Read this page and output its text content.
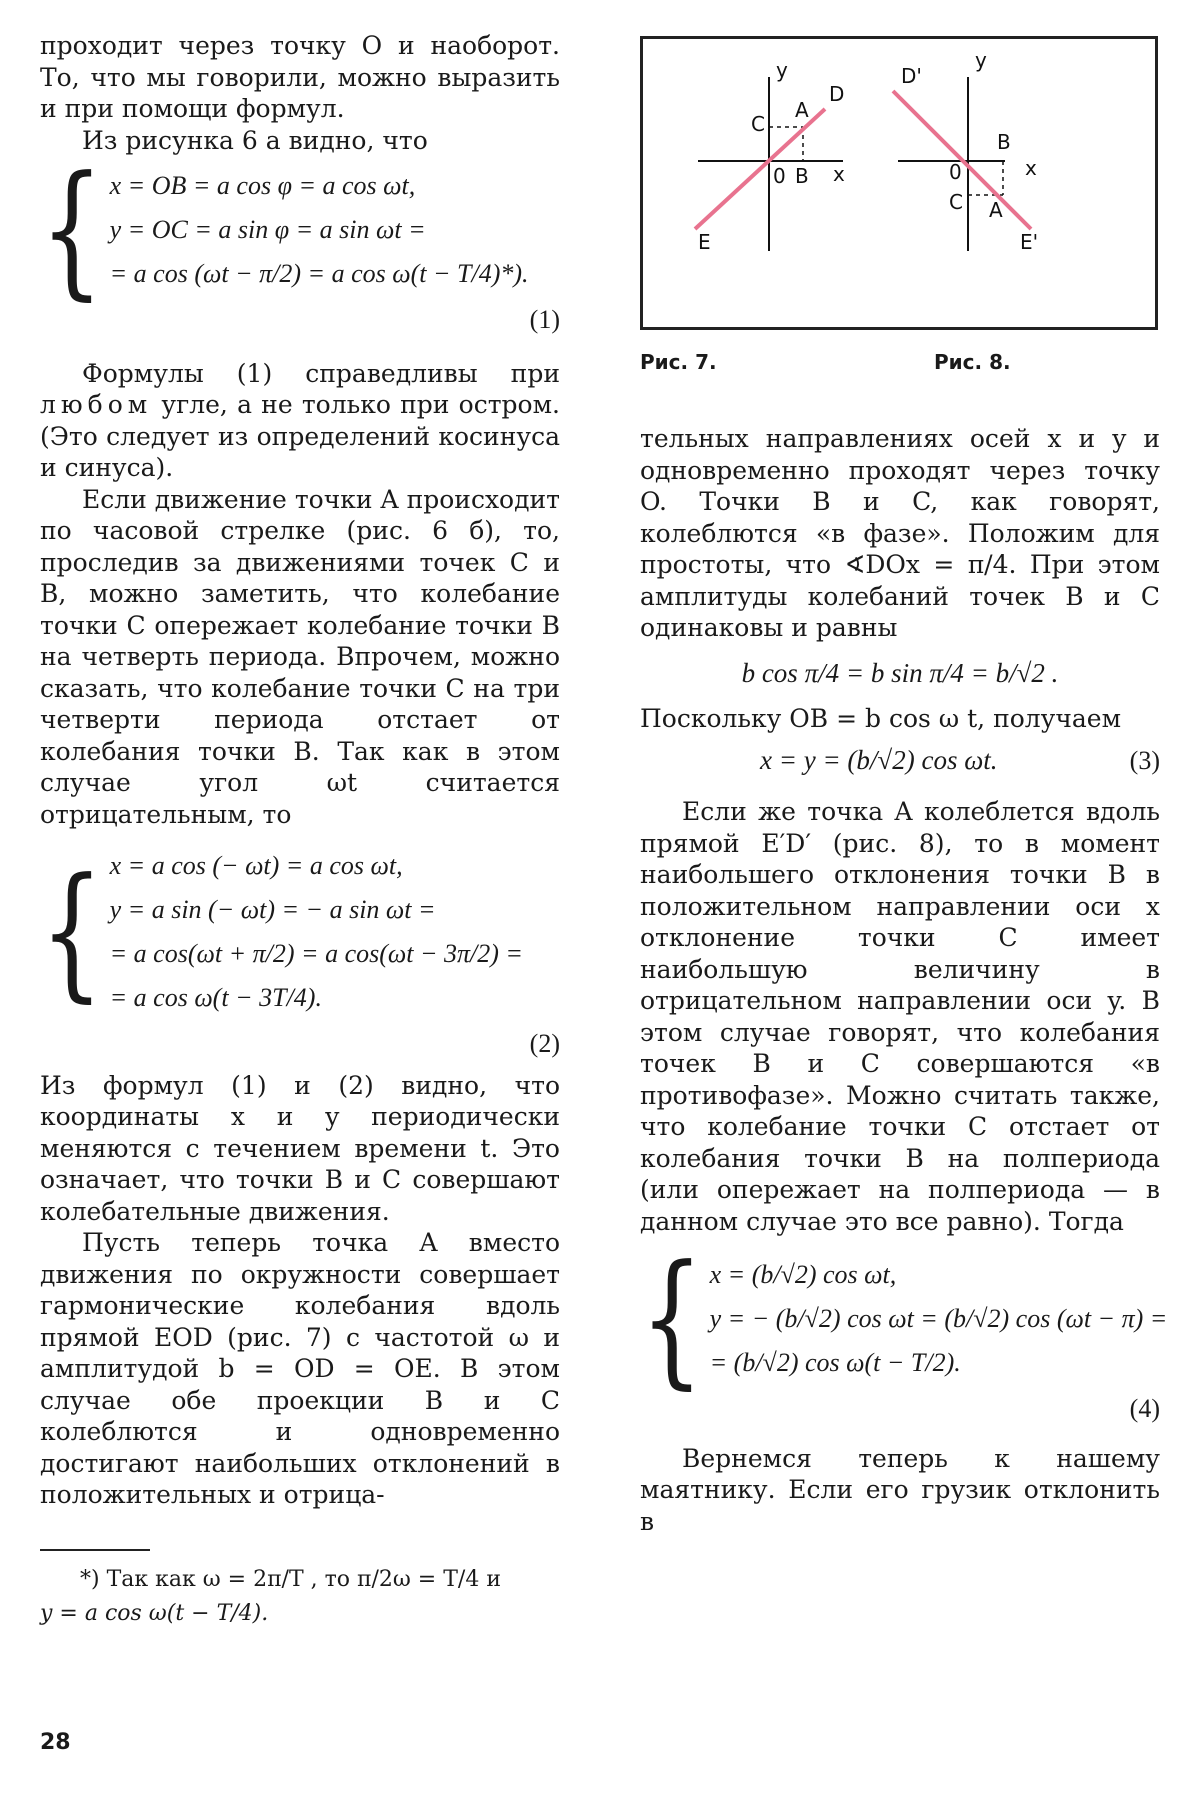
проходит через точку O и наоборот. То, что мы говорили, можно выразить и при помощи формул.

Из рисунка 6 а видно, что

{ x = OB = a cos φ = a cos ωt,
y = OC = a sin φ = a sin ωt =
= a cos (ωt − π/2) = a cos ω(t − T/4)*).
(1)

Формулы (1) справедливы при любом угле, а не только при остром. (Это следует из определений косинуса и синуса).

Если движение точки A происходит по часовой стрелке (рис. 6 б), то, проследив за движениями точек C и B, можно заметить, что колебание точки C опережает колебание точки B на четверть периода. Впрочем, можно сказать, что колебание точки C на три четверти периода отстает от колебания точки B. Так как в этом случае угол ωt считается отрицательным, то

{ x = a cos (− ωt) = a cos ωt,
y = a sin (− ωt) = − a sin ωt =
= a cos(ωt + π/2) = a cos(ωt − 3π/2) =
= a cos ω(t − 3T/4).
(2)

Из формул (1) и (2) видно, что координаты x и y периодически меняются с течением времени t. Это означает, что точки B и C совершают колебательные движения.

Пусть теперь точка A вместо движения по окружности совершает гармонические колебания вдоль прямой EOD (рис. 7) с частотой ω и амплитудой b = OD = OE. В этом случае обе проекции B и C колеблются и одновременно достигают наибольших отклонений в положительных и отрица-

*) Так как ω = 2π/T , то π/2ω = T/4 и
y = a cos ω(t − T/4).
y
x
A
D
C
0 B
E
y
x
D'
B
0
C A
E'
Рис. 7.	Рис. 8.

тельных направлениях осей x и y и одновременно проходят через точку O. Точки B и C, как говорят, колеблются «в фазе». Положим для простоты, что ∢DOx = π/4. При этом амплитуды колебаний точек B и C одинаковы и равны

b cos π/4 = b sin π/4 = b/√2 .

Поскольку OB = b cos ω t, получаем

x = y = (b/√2) cos ωt.	(3)

Если же точка A колеблется вдоль прямой E′D′ (рис. 8), то в момент наибольшего отклонения точки B в положительном направлении оси x отклонение точки C имеет наибольшую величину в отрицательном направлении оси y. В этом случае говорят, что колебания точек B и C совершаются «в противофазе». Можно считать также, что колебание точки C отстает от колебания точки B на полпериода (или опережает на полпериода — в данном случае это все равно). Тогда

{ x = (b/√2) cos ωt,
y = − (b/√2) cos ωt = (b/√2) cos (ωt − π) =
= (b/√2) cos ω(t − T/2).
(4)

Вернемся теперь к нашему маятнику. Если его грузик отклонить в

28
